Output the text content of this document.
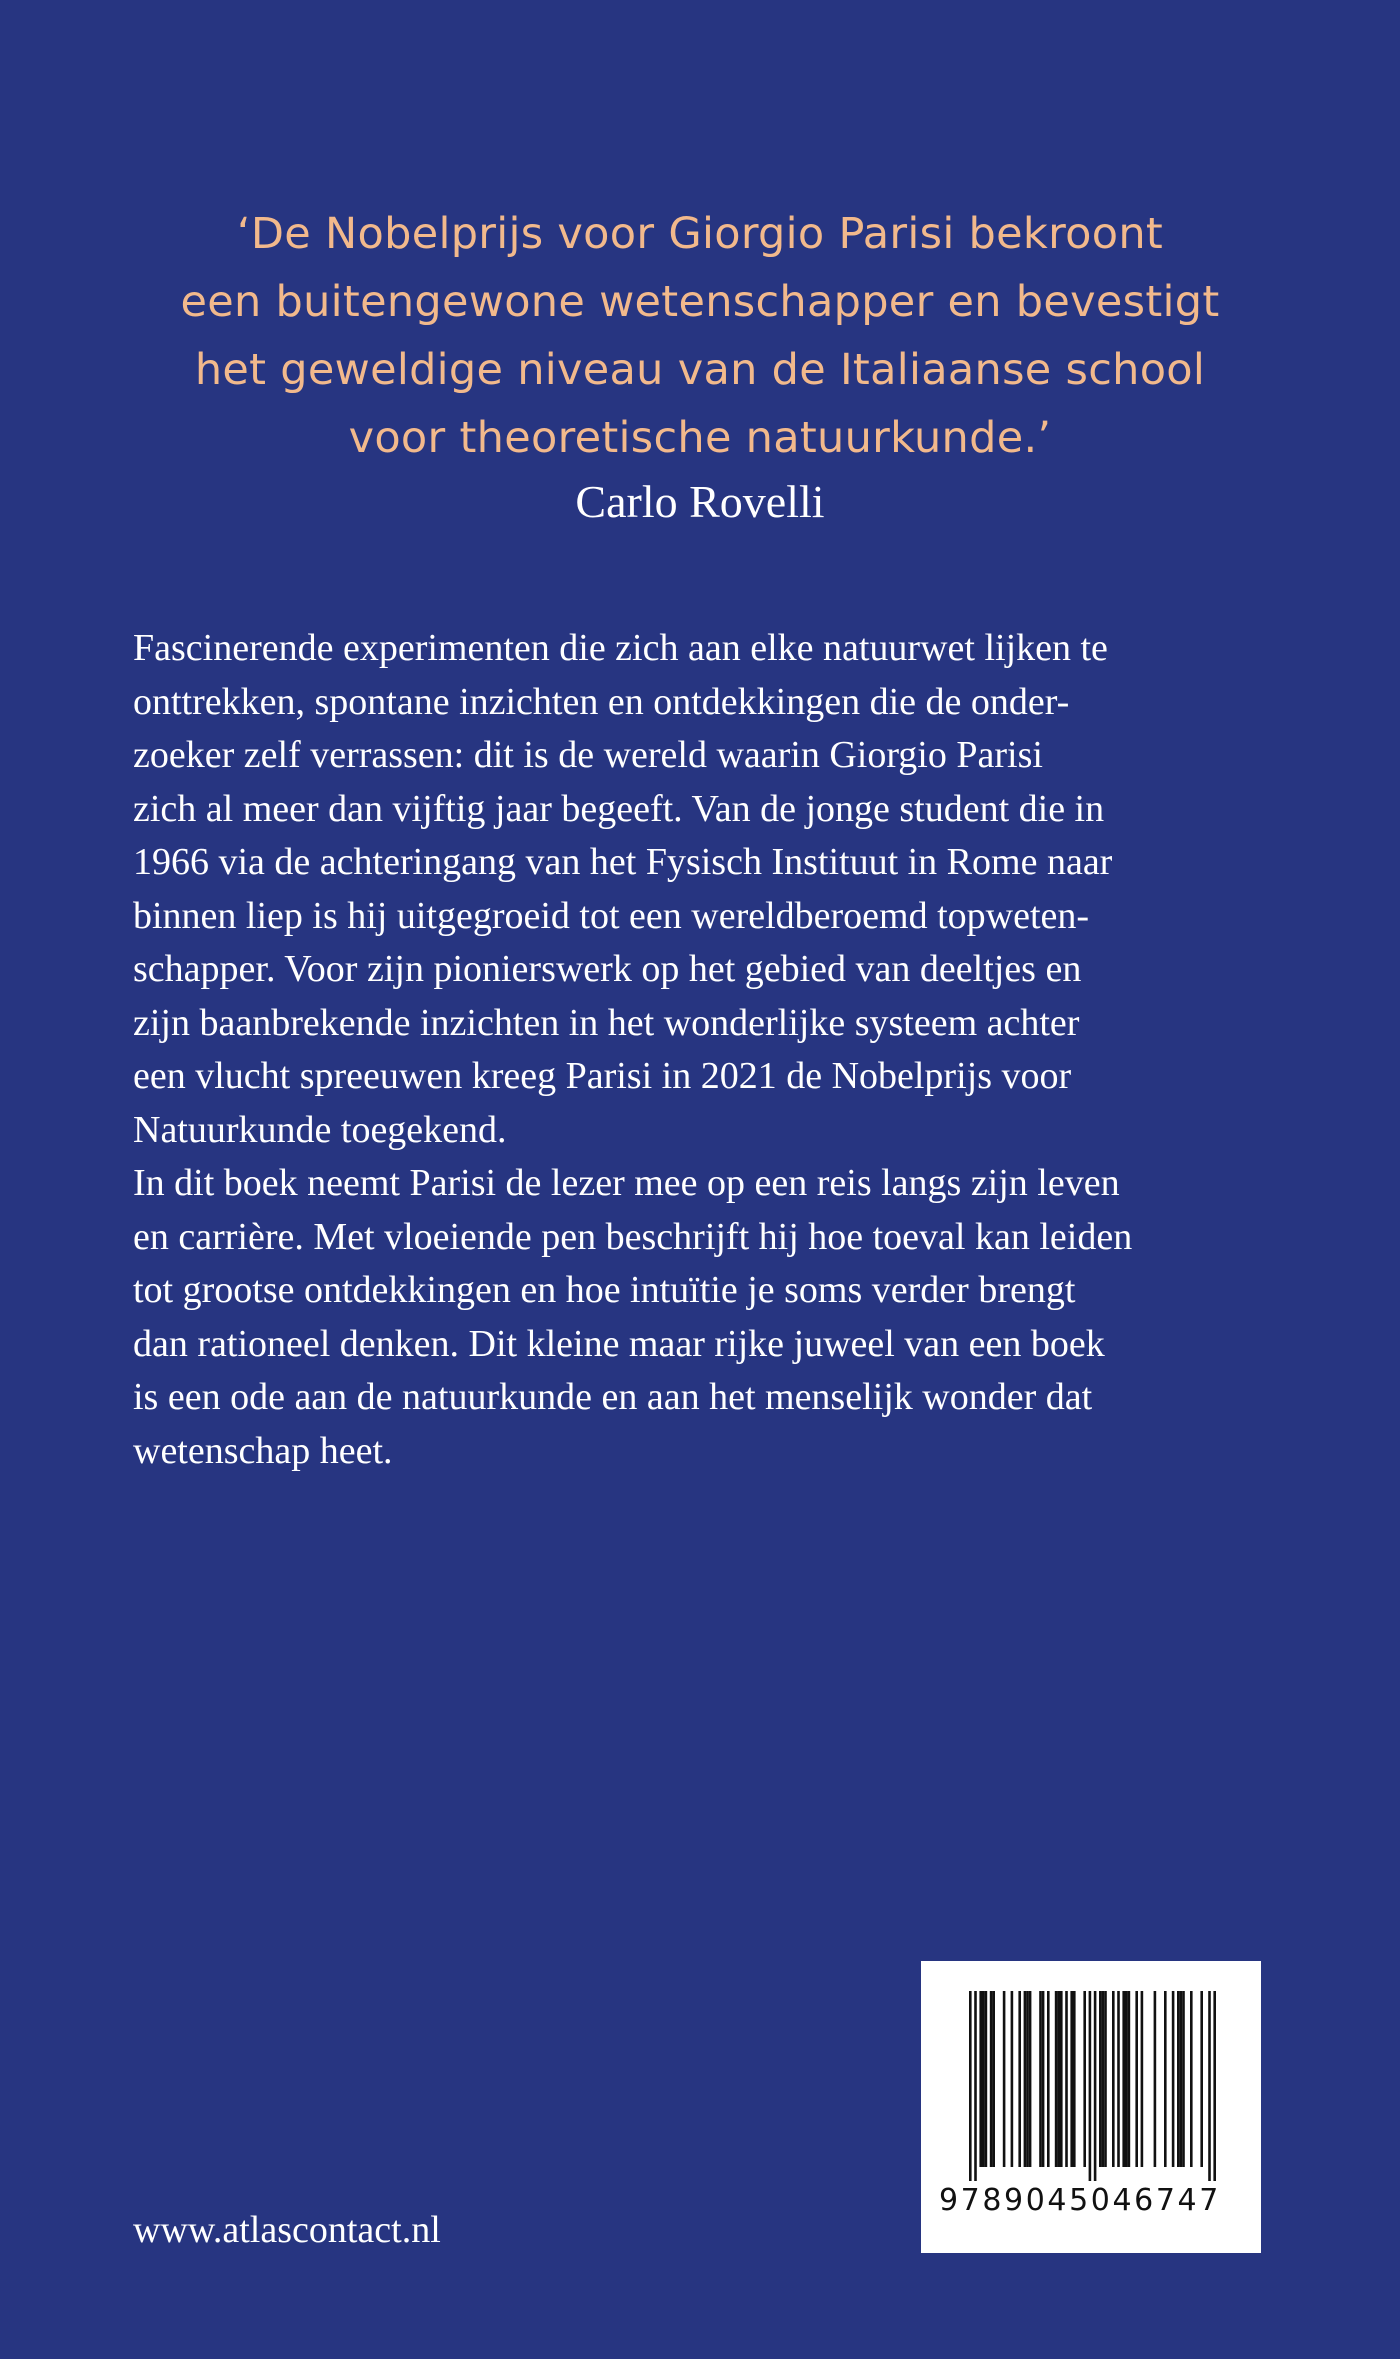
‘De Nobelprijs voor Giorgio Parisi bekroont
een buitengewone wetenschapper en bevestigt
het geweldige niveau van de Italiaanse school
voor theoretische natuurkunde.’
Carlo Rovelli
Fascinerende experimenten die zich aan elke natuurwet lijken te
onttrekken, spontane inzichten en ontdekkingen die de onder-
zoeker zelf verrassen: dit is de wereld waarin Giorgio Parisi
zich al meer dan vijftig jaar begeeft. Van de jonge student die in
1966 via de achteringang van het Fysisch Instituut in Rome naar
binnen liep is hij uitgegroeid tot een wereldberoemd topweten-
schapper. Voor zijn pionierswerk op het gebied van deeltjes en
zijn baanbrekende inzichten in het wonderlijke systeem achter
een vlucht spreeuwen kreeg Parisi in 2021 de Nobelprijs voor
Natuurkunde toegekend.
In dit boek neemt Parisi de lezer mee op een reis langs zijn leven
en carrière. Met vloeiende pen beschrijft hij hoe toeval kan leiden
tot grootse ontdekkingen en hoe intuïtie je soms verder brengt
dan rationeel denken. Dit kleine maar rijke juweel van een boek
is een ode aan de natuurkunde en aan het menselijk wonder dat
wetenschap heet.
www.atlascontact.nl
9789045046747
